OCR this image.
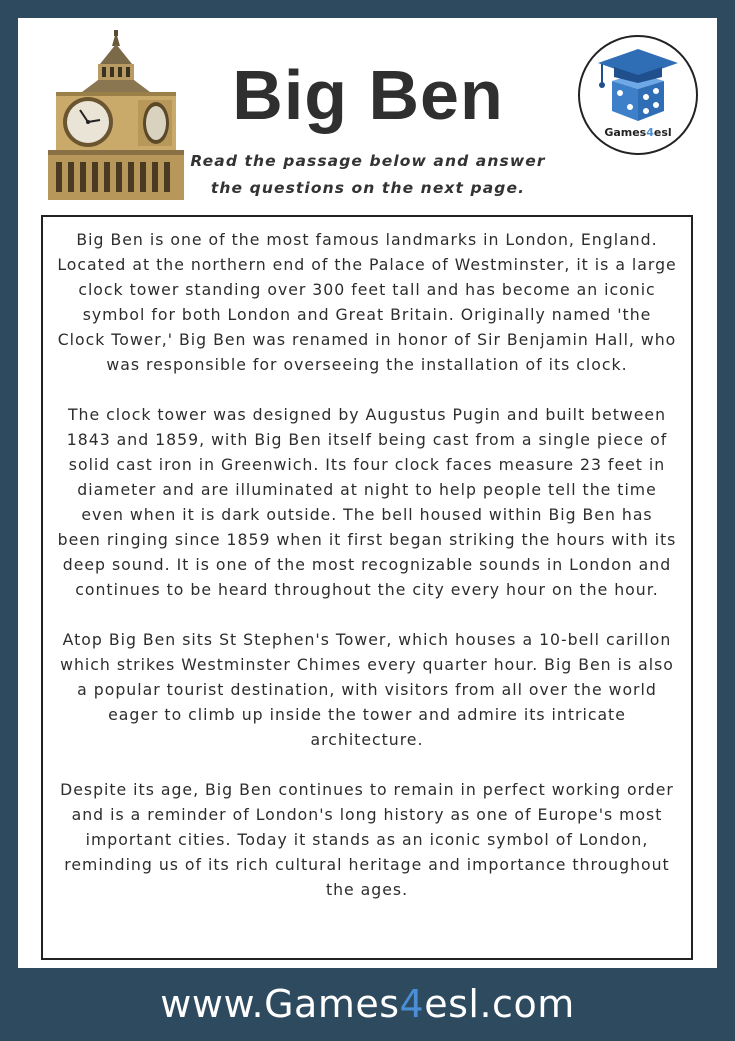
Big Ben
Read the passage below and answer the questions on the next page.
Games4esl

Big Ben is one of the most famous landmarks in London, England. Located at the northern end of the Palace of Westminster, it is a large clock tower standing over 300 feet tall and has become an iconic symbol for both London and Great Britain. Originally named 'the Clock Tower,' Big Ben was renamed in honor of Sir Benjamin Hall, who was responsible for overseeing the installation of its clock.

The clock tower was designed by Augustus Pugin and built between 1843 and 1859, with Big Ben itself being cast from a single piece of solid cast iron in Greenwich. Its four clock faces measure 23 feet in diameter and are illuminated at night to help people tell the time even when it is dark outside. The bell housed within Big Ben has been ringing since 1859 when it first began striking the hours with its deep sound. It is one of the most recognizable sounds in London and continues to be heard throughout the city every hour on the hour.

Atop Big Ben sits St Stephen's Tower, which houses a 10-bell carillon which strikes Westminster Chimes every quarter hour. Big Ben is also a popular tourist destination, with visitors from all over the world eager to climb up inside the tower and admire its intricate architecture.

Despite its age, Big Ben continues to remain in perfect working order and is a reminder of London's long history as one of Europe's most important cities. Today it stands as an iconic symbol of London, reminding us of its rich cultural heritage and importance throughout the ages.

www.Games4esl.com
